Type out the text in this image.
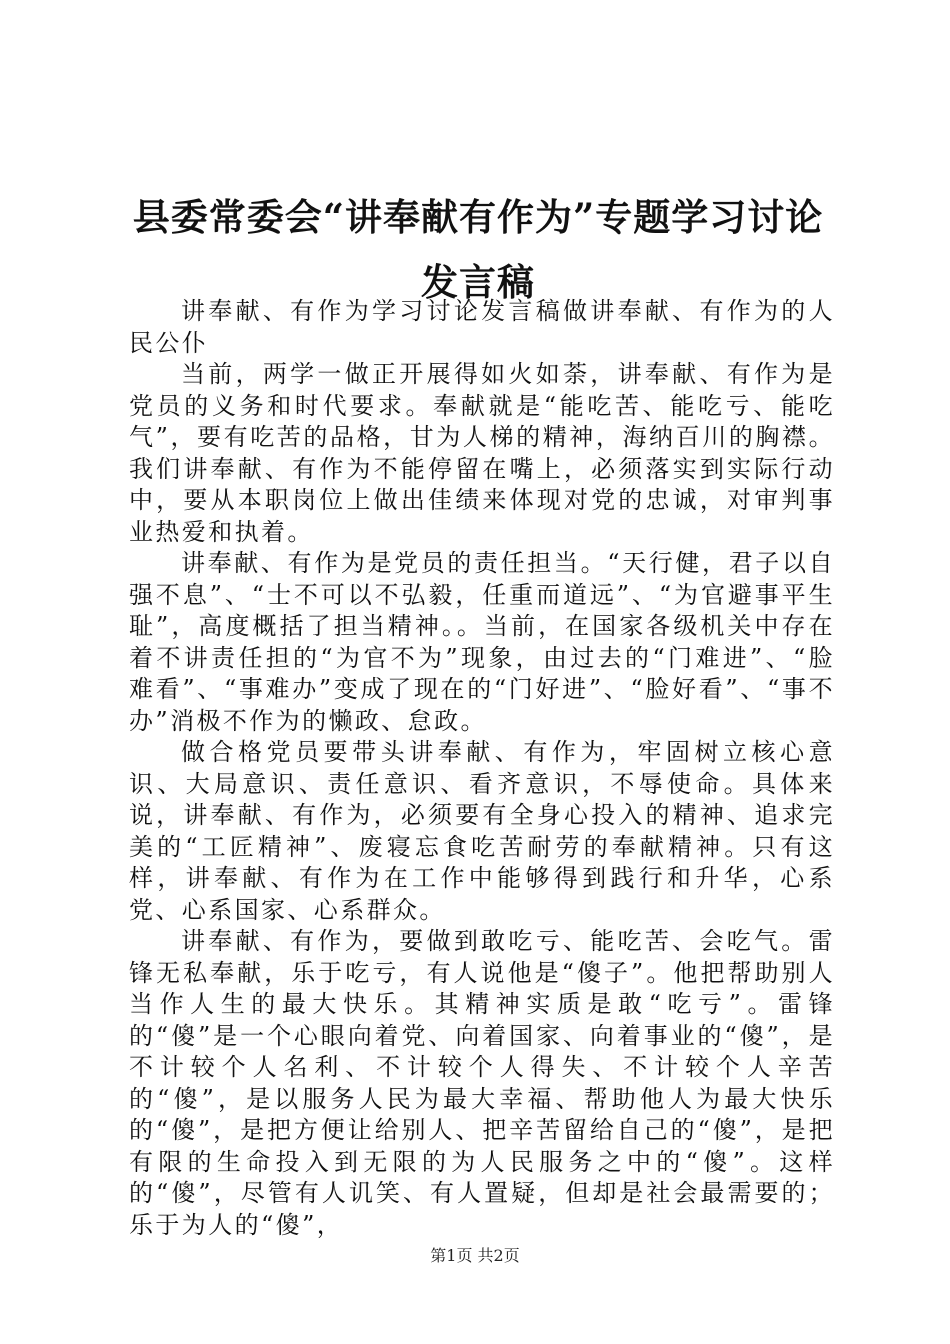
县委常委会“讲奉献有作为”专题学习讨论发言稿

讲奉献、有作为学习讨论发言稿做讲奉献、有作为的人民公仆

当前，两学一做正开展得如火如荼，讲奉献、有作为是党员的义务和时代要求。奉献就是“能吃苦、能吃亏、能吃气”，要有吃苦的品格，甘为人梯的精神，海纳百川的胸襟。我们讲奉献、有作为不能停留在嘴上，必须落实到实际行动中，要从本职岗位上做出佳绩来体现对党的忠诚，对审判事业热爱和执着。

讲奉献、有作为是党员的责任担当。“天行健，君子以自强不息”、“士不可以不弘毅，任重而道远”、“为官避事平生耻”，高度概括了担当精神。。当前，在国家各级机关中存在着不讲责任担的“为官不为”现象，由过去的“门难进”、“脸难看”、“事难办”变成了现在的“门好进”、“脸好看”、“事不办”消极不作为的懒政、怠政。

做合格党员要带头讲奉献、有作为，牢固树立核心意识、大局意识、责任意识、看齐意识，不辱使命。具体来说，讲奉献、有作为，必须要有全身心投入的精神、追求完美的“工匠精神”、废寝忘食吃苦耐劳的奉献精神。只有这样，讲奉献、有作为在工作中能够得到践行和升华，心系党、心系国家、心系群众。

讲奉献、有作为，要做到敢吃亏、能吃苦、会吃气。雷锋无私奉献，乐于吃亏，有人说他是“傻子”。他把帮助别人当作人生的最大快乐。其精神实质是敢“吃亏”。雷锋的“傻”是一个心眼向着党、向着国家、向着事业的“傻”，是不计较个人名利、不计较个人得失、不计较个人辛苦的“傻”，是以服务人民为最大幸福、帮助他人为最大快乐的“傻”，是把方便让给别人、把辛苦留给自己的“傻”，是把有限的生命投入到无限的为人民服务之中的“傻”。这样的“傻”，尽管有人讥笑、有人置疑，但却是社会最需要的；乐于为人的“傻”，

第1页 共2页
